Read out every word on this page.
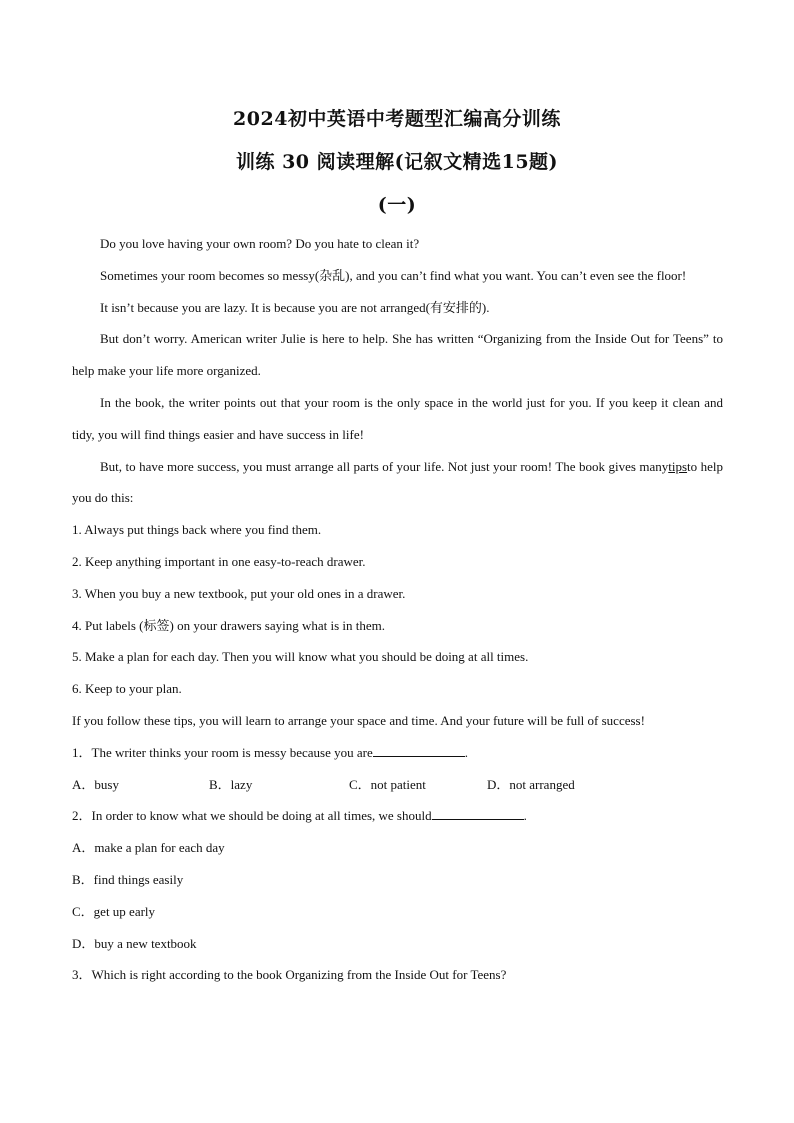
2024初中英语中考题型汇编高分训练
训练 30 阅读理解(记叙文精选15题)
(一)

Do you love having your own room? Do you hate to clean it?

Sometimes your room becomes so messy(杂乱), and you can’t find what you want. You can’t even see the floor!

It isn’t because you are lazy. It is because you are not arranged(有安排的).

But don’t worry. American writer Julie is here to help. She has written “Organizing from the Inside Out for Teens” to help make your life more organized.

In the book, the writer points out that your room is the only space in the world just for you. If you keep it clean and tidy, you will find things easier and have success in life!

But, to have more success, you must arrange all parts of your life. Not just your room! The book gives manytipsto help you do this:

1. Always put things back where you find them.

2. Keep anything important in one easy-to-reach drawer.

3. When you buy a new textbook, put your old ones in a drawer.

4. Put labels (标签) on your drawers saying what is in them.

5. Make a plan for each day. Then you will know what you should be doing at all times.

6. Keep to your plan.

If you follow these tips, you will learn to arrange your space and time. And your future will be full of success!

1．The writer thinks your room is messy because you are	.

A．busy	B．lazy	C．not patient	D．not arranged

2．In order to know what we should be doing at all times, we should	.

A．make a plan for each day

B．find things easily

C．get up early

D．buy a new textbook

3．Which is right according to the book Organizing from the Inside Out for Teens?
